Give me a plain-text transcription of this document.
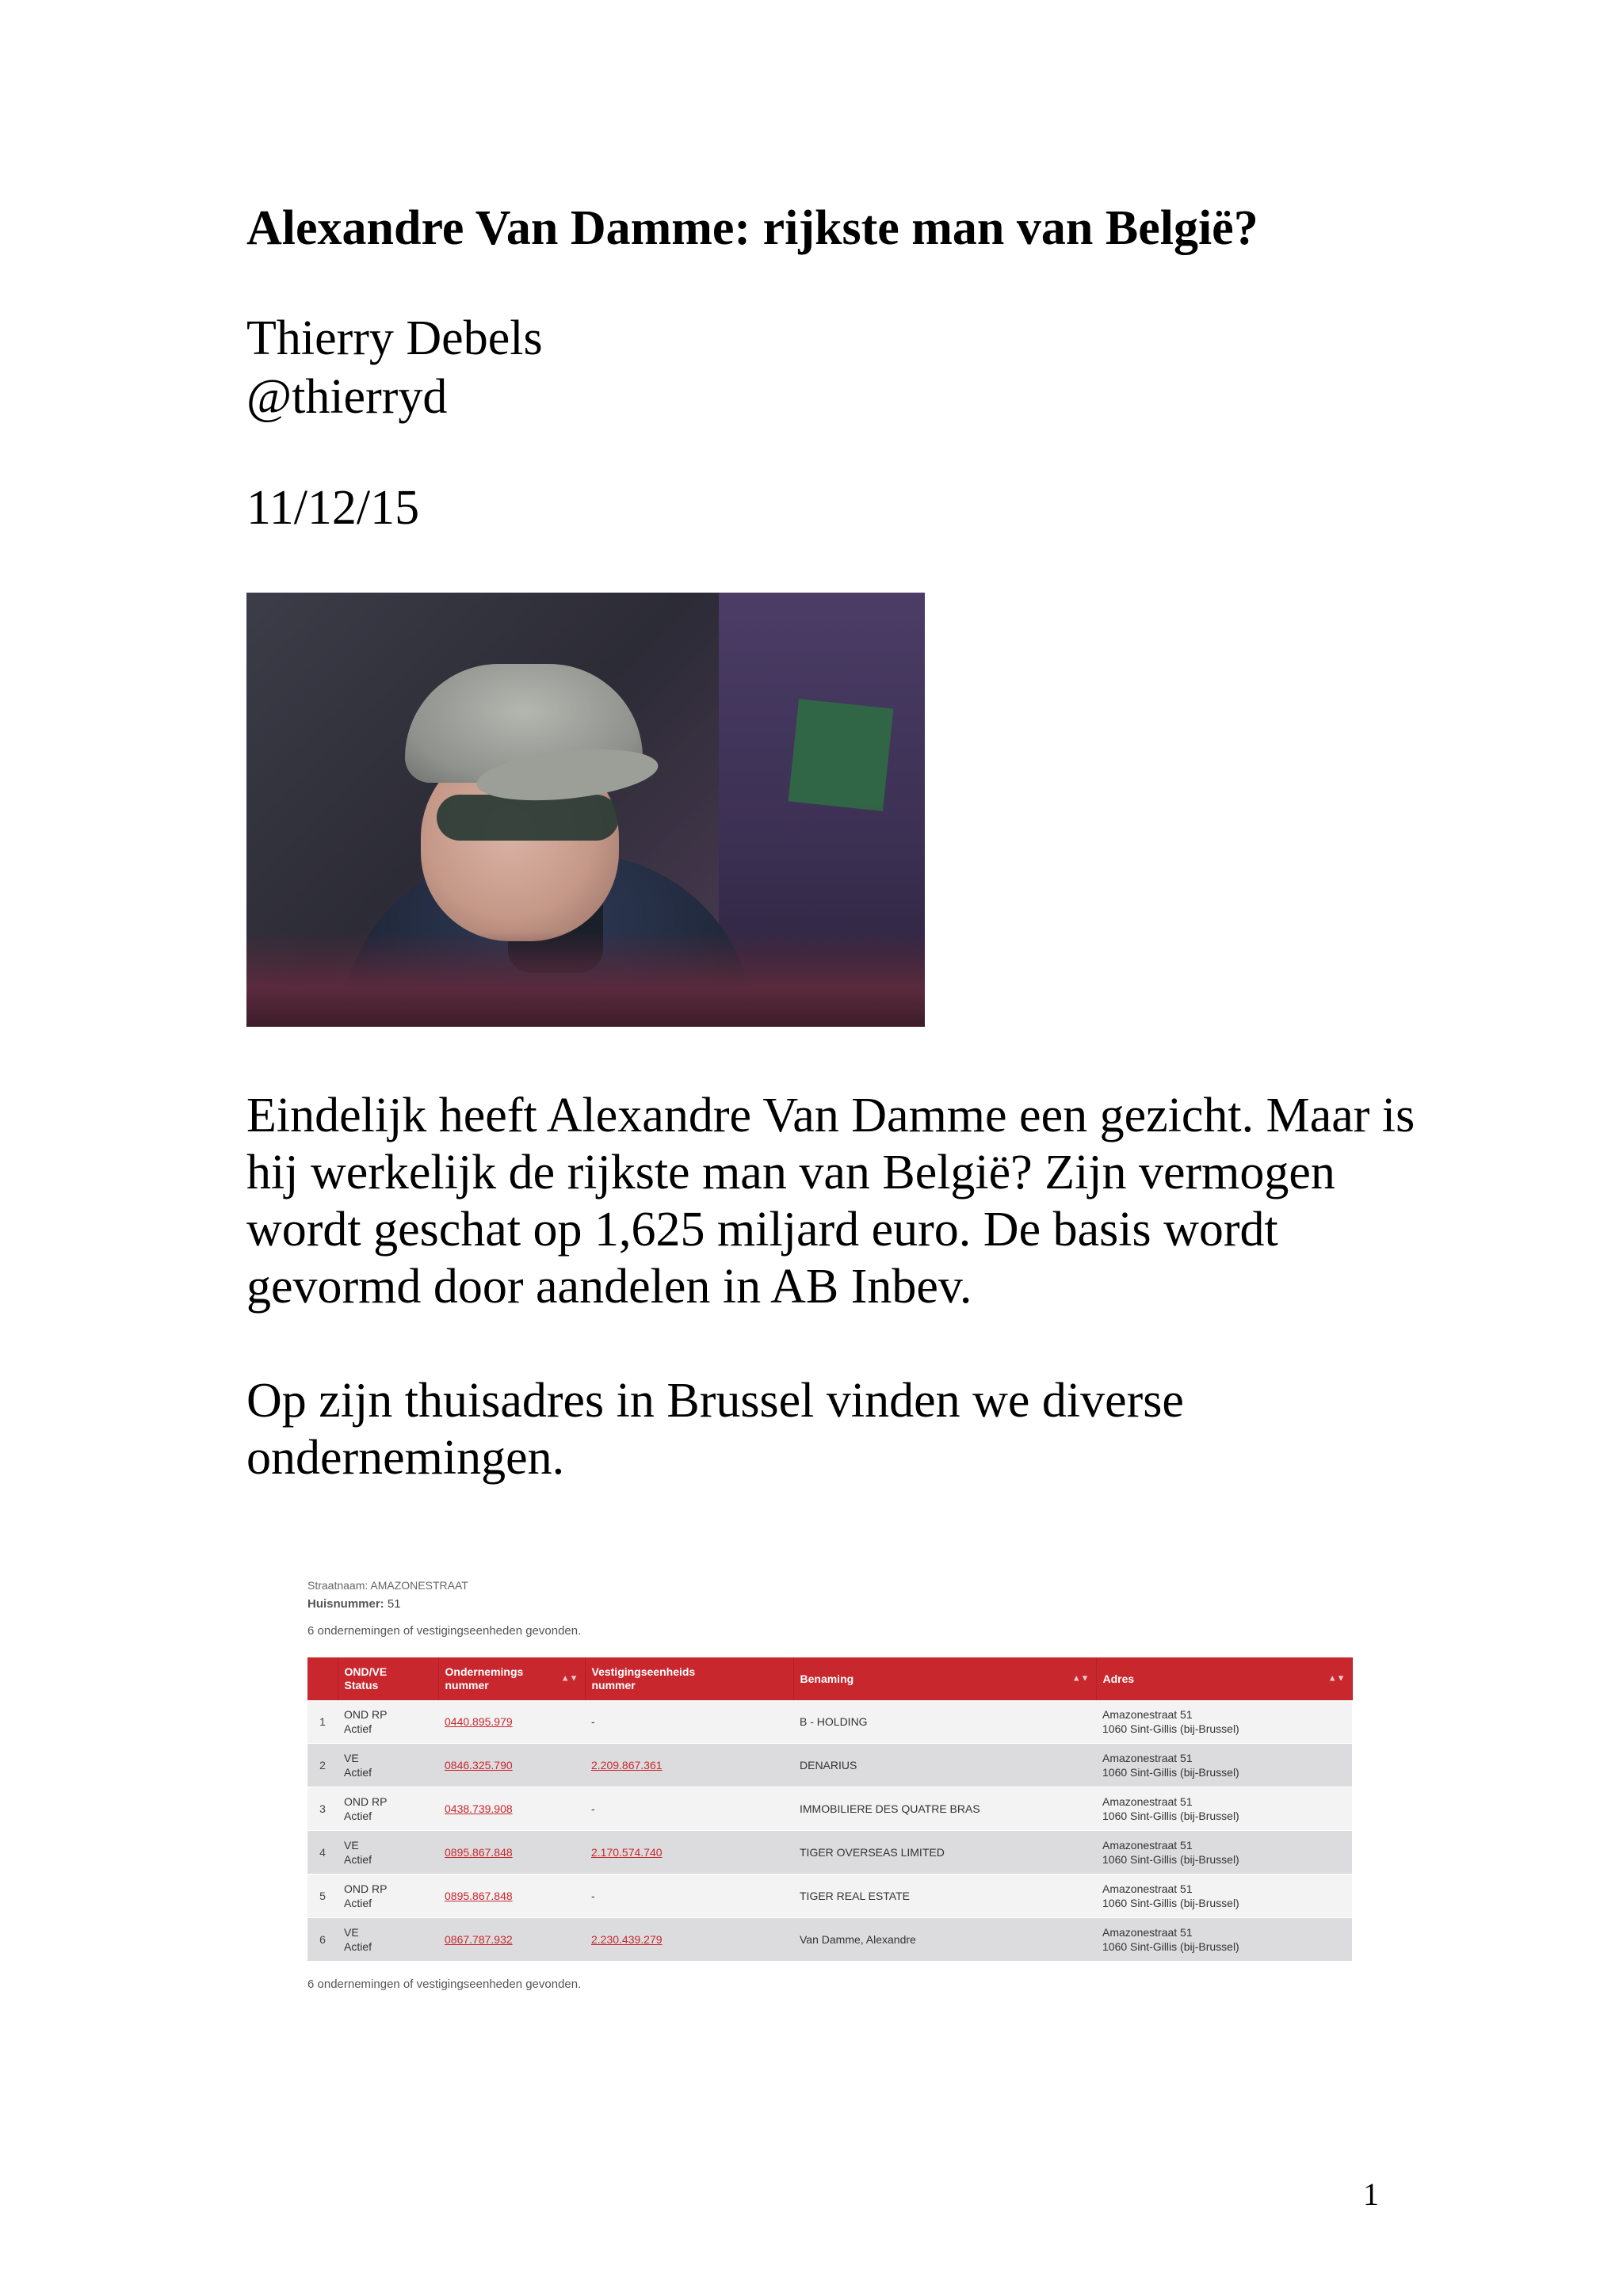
Alexandre Van Damme: rijkste man van België?
Thierry Debels
@thierryd
11/12/15

Eindelijk heeft Alexandre Van Damme een gezicht. Maar is hij werkelijk de rijkste man van België? Zijn vermogen wordt geschat op 1,625 miljard euro. De basis wordt gevormd door aandelen in AB Inbev.

Op zijn thuisadres in Brussel vinden we diverse ondernemingen.

Straatnaam: AMAZONESTRAAT
Huisnummer: 51
6 ondernemingen of vestigingseenheden gevonden.
	OND/VE
Status	Ondernemings
nummer
▲▼	Vestigingseenheids
nummer	Benaming ▲▼	Adres ▲▼

1	OND RP
Actief	0440.895.979	-	B - HOLDING	Amazonestraat 51
1060 Sint-Gillis (bij-Brussel)
2	VE
Actief	0846.325.790	2.209.867.361	DENARIUS	Amazonestraat 51
1060 Sint-Gillis (bij-Brussel)
3	OND RP
Actief	0438.739.908	-	IMMOBILIERE DES QUATRE BRAS	Amazonestraat 51
1060 Sint-Gillis (bij-Brussel)
4	VE
Actief	0895.867.848	2.170.574.740	TIGER OVERSEAS LIMITED	Amazonestraat 51
1060 Sint-Gillis (bij-Brussel)
5	OND RP
Actief	0895.867.848	-	TIGER REAL ESTATE	Amazonestraat 51
1060 Sint-Gillis (bij-Brussel)
6	VE
Actief	0867.787.932	2.230.439.279	Van Damme, Alexandre	Amazonestraat 51
1060 Sint-Gillis (bij-Brussel)
6 ondernemingen of vestigingseenheden gevonden.
1
